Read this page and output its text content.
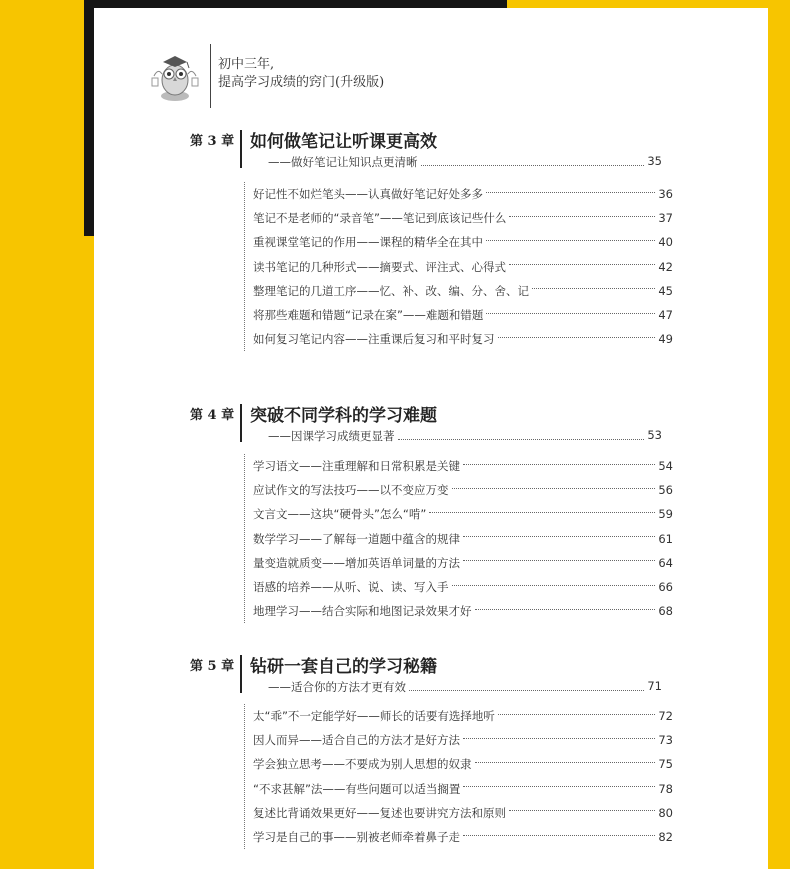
初中三年,
提高学习成绩的窍门(升级版)
第 3 章 如何做笔记让听课更高效
——做好笔记让知识点更清晰	35
好记性不如烂笔头——认真做好笔记好处多多	36
笔记不是老师的“录音笔”——笔记到底该记些什么	37
重视课堂笔记的作用——课程的精华全在其中	40
读书笔记的几种形式——摘要式、评注式、心得式	42
整理笔记的几道工序——忆、补、改、编、分、舍、记	45
将那些难题和错题“记录在案”——难题和错题	47
如何复习笔记内容——注重课后复习和平时复习	49
第 4 章 突破不同学科的学习难题
——因课学习成绩更显著	53
学习语文——注重理解和日常积累是关键	54
应试作文的写法技巧——以不变应万变	56
文言文——这块“硬骨头”怎么“啃”	59
数学学习——了解每一道题中蕴含的规律	61
量变造就质变——增加英语单词量的方法	64
语感的培养——从听、说、读、写入手	66
地理学习——结合实际和地图记录效果才好	68
第 5 章 钻研一套自己的学习秘籍
——适合你的方法才更有效	71
太“乖”不一定能学好——师长的话要有选择地听	72
因人而异——适合自己的方法才是好方法	73
学会独立思考——不要成为别人思想的奴隶	75
“不求甚解”法——有些问题可以适当搁置	78
复述比背诵效果更好——复述也要讲究方法和原则	80
学习是自己的事——别被老师牵着鼻子走	82
